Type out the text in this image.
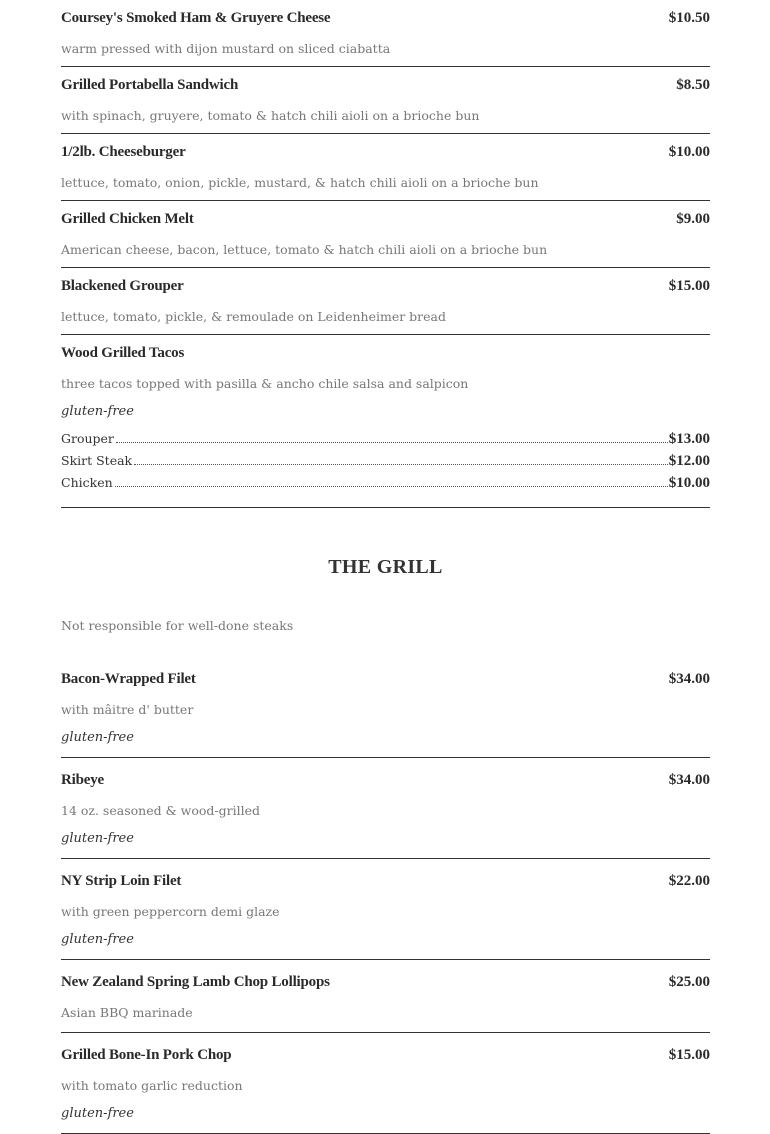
Coursey's Smoked Ham & Gruyere Cheese	$10.50
warm pressed with dijon mustard on sliced ciabatta
Grilled Portabella Sandwich	$8.50
with spinach, gruyere, tomato & hatch chili aioli on a brioche bun
1/2lb. Cheeseburger	$10.00
lettuce, tomato, onion, pickle, mustard, & hatch chili aioli on a brioche bun
Grilled Chicken Melt	$9.00
American cheese, bacon, lettuce, tomato & hatch chili aioli on a brioche bun
Blackened Grouper	$15.00
lettuce, tomato, pickle, & remoulade on Leidenheimer bread
Wood Grilled Tacos
three tacos topped with pasilla & ancho chile salsa and salpicon
gluten-free
Grouper	$13.00
Skirt Steak	$12.00
Chicken	$10.00
THE GRILL
Not responsible for well-done steaks
Bacon-Wrapped Filet	$34.00
with mâitre d' butter
gluten-free
Ribeye	$34.00
14 oz. seasoned & wood-grilled
gluten-free
NY Strip Loin Filet	$22.00
with green peppercorn demi glaze
gluten-free
New Zealand Spring Lamb Chop Lollipops	$25.00
Asian BBQ marinade
Grilled Bone-In Pork Chop	$15.00
with tomato garlic reduction
gluten-free
